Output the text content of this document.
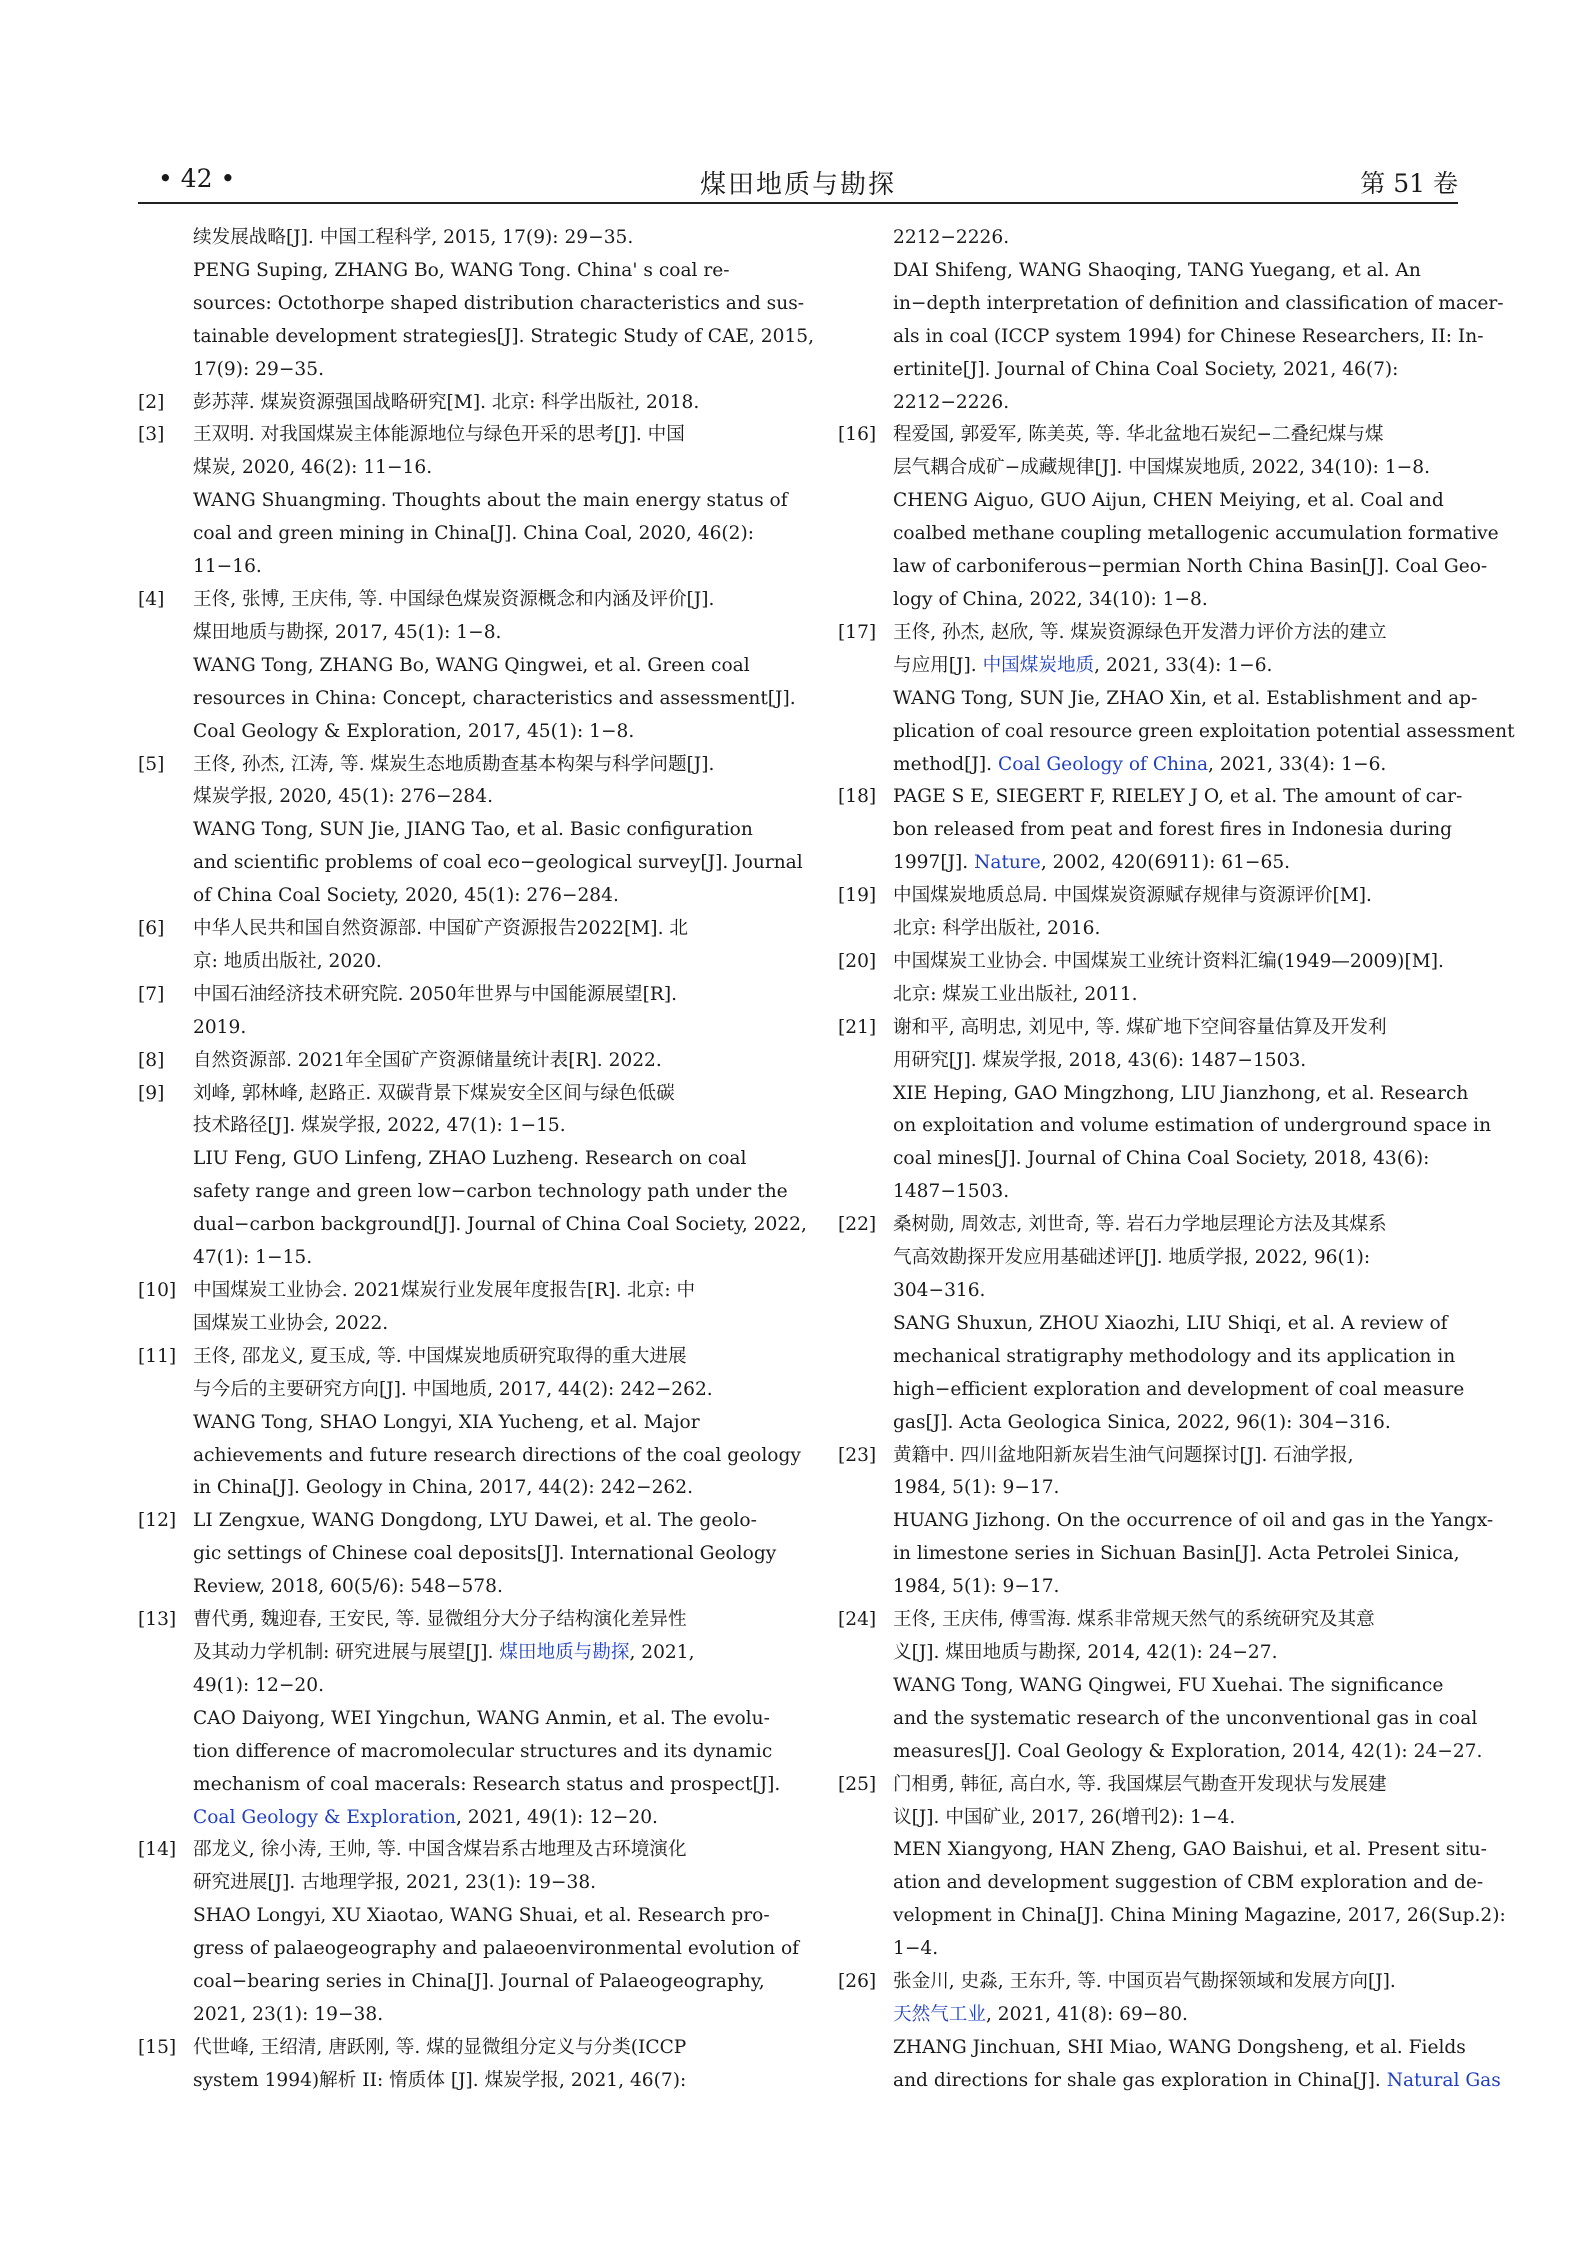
• 42 •	煤田地质与勘探	第 51 卷
续发展战略[J]. 中国工程科学, 2015, 17(9): 29−35.
PENG Suping, ZHANG Bo, WANG Tong. China' s coal re-
sources: Octothorpe shaped distribution characteristics and sus-
tainable development strategies[J]. Strategic Study of CAE, 2015,
17(9): 29−35.
[2]	彭苏萍. 煤炭资源强国战略研究[M]. 北京: 科学出版社, 2018.
[3]	王双明. 对我国煤炭主体能源地位与绿色开采的思考[J]. 中国
煤炭, 2020, 46(2): 11−16.
WANG Shuangming. Thoughts about the main energy status of
coal and green mining in China[J]. China Coal, 2020, 46(2):
11−16.
[4]	王佟, 张博, 王庆伟, 等. 中国绿色煤炭资源概念和内涵及评价[J].
煤田地质与勘探, 2017, 45(1): 1−8.
WANG Tong, ZHANG Bo, WANG Qingwei, et al. Green coal
resources in China: Concept, characteristics and assessment[J].
Coal Geology & Exploration, 2017, 45(1): 1−8.
[5]	王佟, 孙杰, 江涛, 等. 煤炭生态地质勘查基本构架与科学问题[J].
煤炭学报, 2020, 45(1): 276−284.
WANG Tong, SUN Jie, JIANG Tao, et al. Basic configuration
and scientific problems of coal eco−geological survey[J]. Journal
of China Coal Society, 2020, 45(1): 276−284.
[6]	中华人民共和国自然资源部. 中国矿产资源报告2022[M]. 北
京: 地质出版社, 2020.
[7]	中国石油经济技术研究院. 2050年世界与中国能源展望[R].
2019.
[8]	自然资源部. 2021年全国矿产资源储量统计表[R]. 2022.
[9]	刘峰, 郭林峰, 赵路正. 双碳背景下煤炭安全区间与绿色低碳
技术路径[J]. 煤炭学报, 2022, 47(1): 1−15.
LIU Feng, GUO Linfeng, ZHAO Luzheng. Research on coal
safety range and green low−carbon technology path under the
dual−carbon background[J]. Journal of China Coal Society, 2022,
47(1): 1−15.
[10] 中国煤炭工业协会. 2021煤炭行业发展年度报告[R]. 北京: 中
国煤炭工业协会, 2022.
[11] 王佟, 邵龙义, 夏玉成, 等. 中国煤炭地质研究取得的重大进展
与今后的主要研究方向[J]. 中国地质, 2017, 44(2): 242−262.
WANG Tong, SHAO Longyi, XIA Yucheng, et al. Major
achievements and future research directions of the coal geology
in China[J]. Geology in China, 2017, 44(2): 242−262.
[12] LI Zengxue, WANG Dongdong, LYU Dawei, et al. The geolo-
gic settings of Chinese coal deposits[J]. International Geology
Review, 2018, 60(5/6): 548−578.
[13] 曹代勇, 魏迎春, 王安民, 等. 显微组分大分子结构演化差异性
及其动力学机制: 研究进展与展望[J]. 煤田地质与勘探, 2021,
49(1): 12−20.
CAO Daiyong, WEI Yingchun, WANG Anmin, et al. The evolu-
tion difference of macromolecular structures and its dynamic
mechanism of coal macerals: Research status and prospect[J].
Coal Geology & Exploration, 2021, 49(1): 12−20.
[14] 邵龙义, 徐小涛, 王帅, 等. 中国含煤岩系古地理及古环境演化
研究进展[J]. 古地理学报, 2021, 23(1): 19−38.
SHAO Longyi, XU Xiaotao, WANG Shuai, et al. Research pro-
gress of palaeogeography and palaeoenvironmental evolution of
coal−bearing series in China[J]. Journal of Palaeogeography,
2021, 23(1): 19−38.
[15] 代世峰, 王绍清, 唐跃刚, 等. 煤的显微组分定义与分类(ICCP
system 1994)解析 II: 惰质体 [J]. 煤炭学报, 2021, 46(7):
2212−2226.
DAI Shifeng, WANG Shaoqing, TANG Yuegang, et al. An
in−depth interpretation of definition and classification of macer-
als in coal (ICCP system 1994) for Chinese Researchers, II: In-
ertinite[J]. Journal of China Coal Society, 2021, 46(7):
2212−2226.
[16] 程爱国, 郭爱军, 陈美英, 等. 华北盆地石炭纪−二叠纪煤与煤
层气耦合成矿−成藏规律[J]. 中国煤炭地质, 2022, 34(10): 1−8.
CHENG Aiguo, GUO Aijun, CHEN Meiying, et al. Coal and
coalbed methane coupling metallogenic accumulation formative
law of carboniferous−permian North China Basin[J]. Coal Geo-
logy of China, 2022, 34(10): 1−8.
[17] 王佟, 孙杰, 赵欣, 等. 煤炭资源绿色开发潜力评价方法的建立
与应用[J]. 中国煤炭地质, 2021, 33(4): 1−6.
WANG Tong, SUN Jie, ZHAO Xin, et al. Establishment and ap-
plication of coal resource green exploitation potential assessment
method[J]. Coal Geology of China, 2021, 33(4): 1−6.
[18] PAGE S E, SIEGERT F, RIELEY J O, et al. The amount of car-
bon released from peat and forest fires in Indonesia during
1997[J]. Nature, 2002, 420(6911): 61−65.
[19] 中国煤炭地质总局. 中国煤炭资源赋存规律与资源评价[M].
北京: 科学出版社, 2016.
[20] 中国煤炭工业协会. 中国煤炭工业统计资料汇编(1949—2009)[M].
北京: 煤炭工业出版社, 2011.
[21] 谢和平, 高明忠, 刘见中, 等. 煤矿地下空间容量估算及开发利
用研究[J]. 煤炭学报, 2018, 43(6): 1487−1503.
XIE Heping, GAO Mingzhong, LIU Jianzhong, et al. Research
on exploitation and volume estimation of underground space in
coal mines[J]. Journal of China Coal Society, 2018, 43(6):
1487−1503.
[22] 桑树勋, 周效志, 刘世奇, 等. 岩石力学地层理论方法及其煤系
气高效勘探开发应用基础述评[J]. 地质学报, 2022, 96(1):
304−316.
SANG Shuxun, ZHOU Xiaozhi, LIU Shiqi, et al. A review of
mechanical stratigraphy methodology and its application in
high−efficient exploration and development of coal measure
gas[J]. Acta Geologica Sinica, 2022, 96(1): 304−316.
[23] 黄籍中. 四川盆地阳新灰岩生油气问题探讨[J]. 石油学报,
1984, 5(1): 9−17.
HUANG Jizhong. On the occurrence of oil and gas in the Yangx-
in limestone series in Sichuan Basin[J]. Acta Petrolei Sinica,
1984, 5(1): 9−17.
[24] 王佟, 王庆伟, 傅雪海. 煤系非常规天然气的系统研究及其意
义[J]. 煤田地质与勘探, 2014, 42(1): 24−27.
WANG Tong, WANG Qingwei, FU Xuehai. The significance
and the systematic research of the unconventional gas in coal
measures[J]. Coal Geology & Exploration, 2014, 42(1): 24−27.
[25] 门相勇, 韩征, 高白水, 等. 我国煤层气勘查开发现状与发展建
议[J]. 中国矿业, 2017, 26(增刊2): 1−4.
MEN Xiangyong, HAN Zheng, GAO Baishui, et al. Present situ-
ation and development suggestion of CBM exploration and de-
velopment in China[J]. China Mining Magazine, 2017, 26(Sup.2):
1−4.
[26] 张金川, 史淼, 王东升, 等. 中国页岩气勘探领域和发展方向[J].
天然气工业, 2021, 41(8): 69−80.
ZHANG Jinchuan, SHI Miao, WANG Dongsheng, et al. Fields
and directions for shale gas exploration in China[J]. Natural Gas
